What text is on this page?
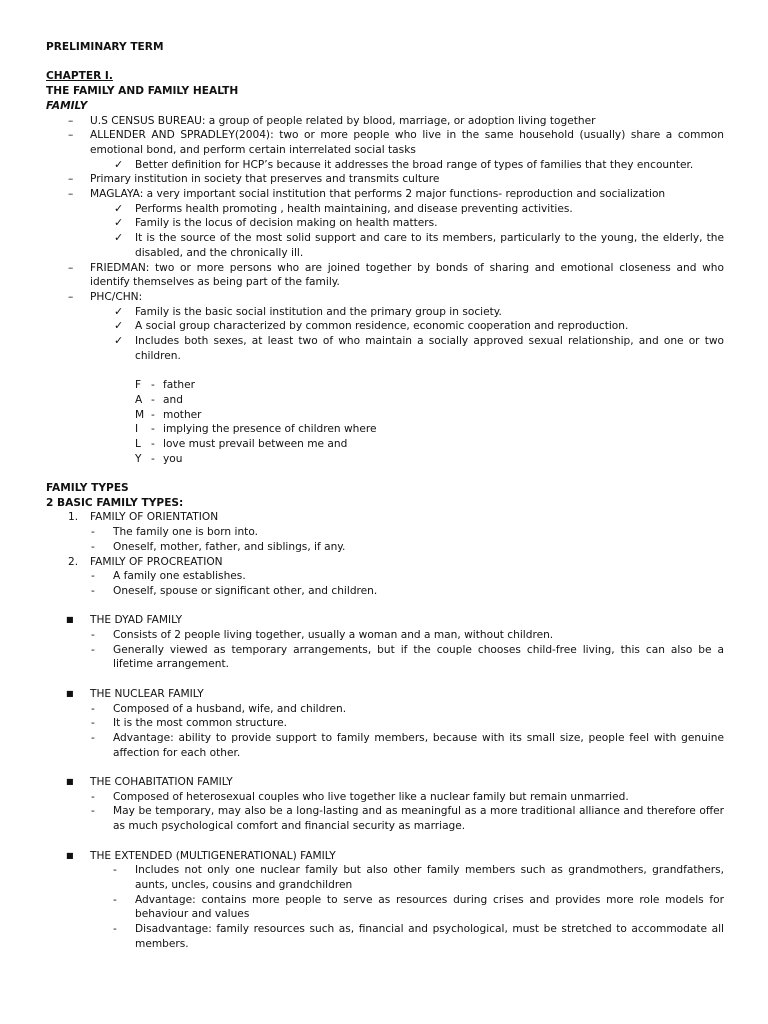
PRELIMINARY TERM
CHAPTER I.
THE FAMILY AND FAMILY HEALTH
FAMILY
– U.S CENSUS BUREAU: a group of people related by blood, marriage, or adoption living together
– ALLENDER AND SPRADLEY(2004): two or more people who live in the same household (usually) share a common emotional bond, and perform certain interrelated social tasks
✓ Better definition for HCP’s because it addresses the broad range of types of families that they encounter.
– Primary institution in society that preserves and transmits culture
– MAGLAYA: a very important social institution that performs 2 major functions- reproduction and socialization
✓ Performs health promoting , health maintaining, and disease preventing activities.
✓ Family is the locus of decision making on health matters.
✓ It is the source of the most solid support and care to its members, particularly to the young, the elderly, the disabled, and the chronically ill.
– FRIEDMAN: two or more persons who are joined together by bonds of sharing and emotional closeness and who identify themselves as being part of the family.
– PHC/CHN:
✓ Family is the basic social institution and the primary group in society.
✓ A social group characterized by common residence, economic cooperation and reproduction.
✓ Includes both sexes, at least two of who maintain a socially approved sexual relationship, and one or two children.
F - father
A - and
M - mother
I - implying the presence of children where
L - love must prevail between me and
Y - you
FAMILY TYPES
2 BASIC FAMILY TYPES:
1. FAMILY OF ORIENTATION
- The family one is born into.
- Oneself, mother, father, and siblings, if any.
2. FAMILY OF PROCREATION
- A family one establishes.
- Oneself, spouse or significant other, and children.
■ THE DYAD FAMILY
- Consists of 2 people living together, usually a woman and a man, without children.
- Generally viewed as temporary arrangements, but if the couple chooses child-free living, this can also be a lifetime arrangement.
■ THE NUCLEAR FAMILY
- Composed of a husband, wife, and children.
- It is the most common structure.
- Advantage: ability to provide support to family members, because with its small size, people feel with genuine affection for each other.
■ THE COHABITATION FAMILY
- Composed of heterosexual couples who live together like a nuclear family but remain unmarried.
- May be temporary, may also be a long-lasting and as meaningful as a more traditional alliance and therefore offer as much psychological comfort and financial security as marriage.
■ THE EXTENDED (MULTIGENERATIONAL) FAMILY
- Includes not only one nuclear family but also other family members such as grandmothers, grandfathers, aunts, uncles, cousins and grandchildren
- Advantage: contains more people to serve as resources during crises and provides more role models for behaviour and values
- Disadvantage: family resources such as, financial and psychological, must be stretched to accommodate all members.
